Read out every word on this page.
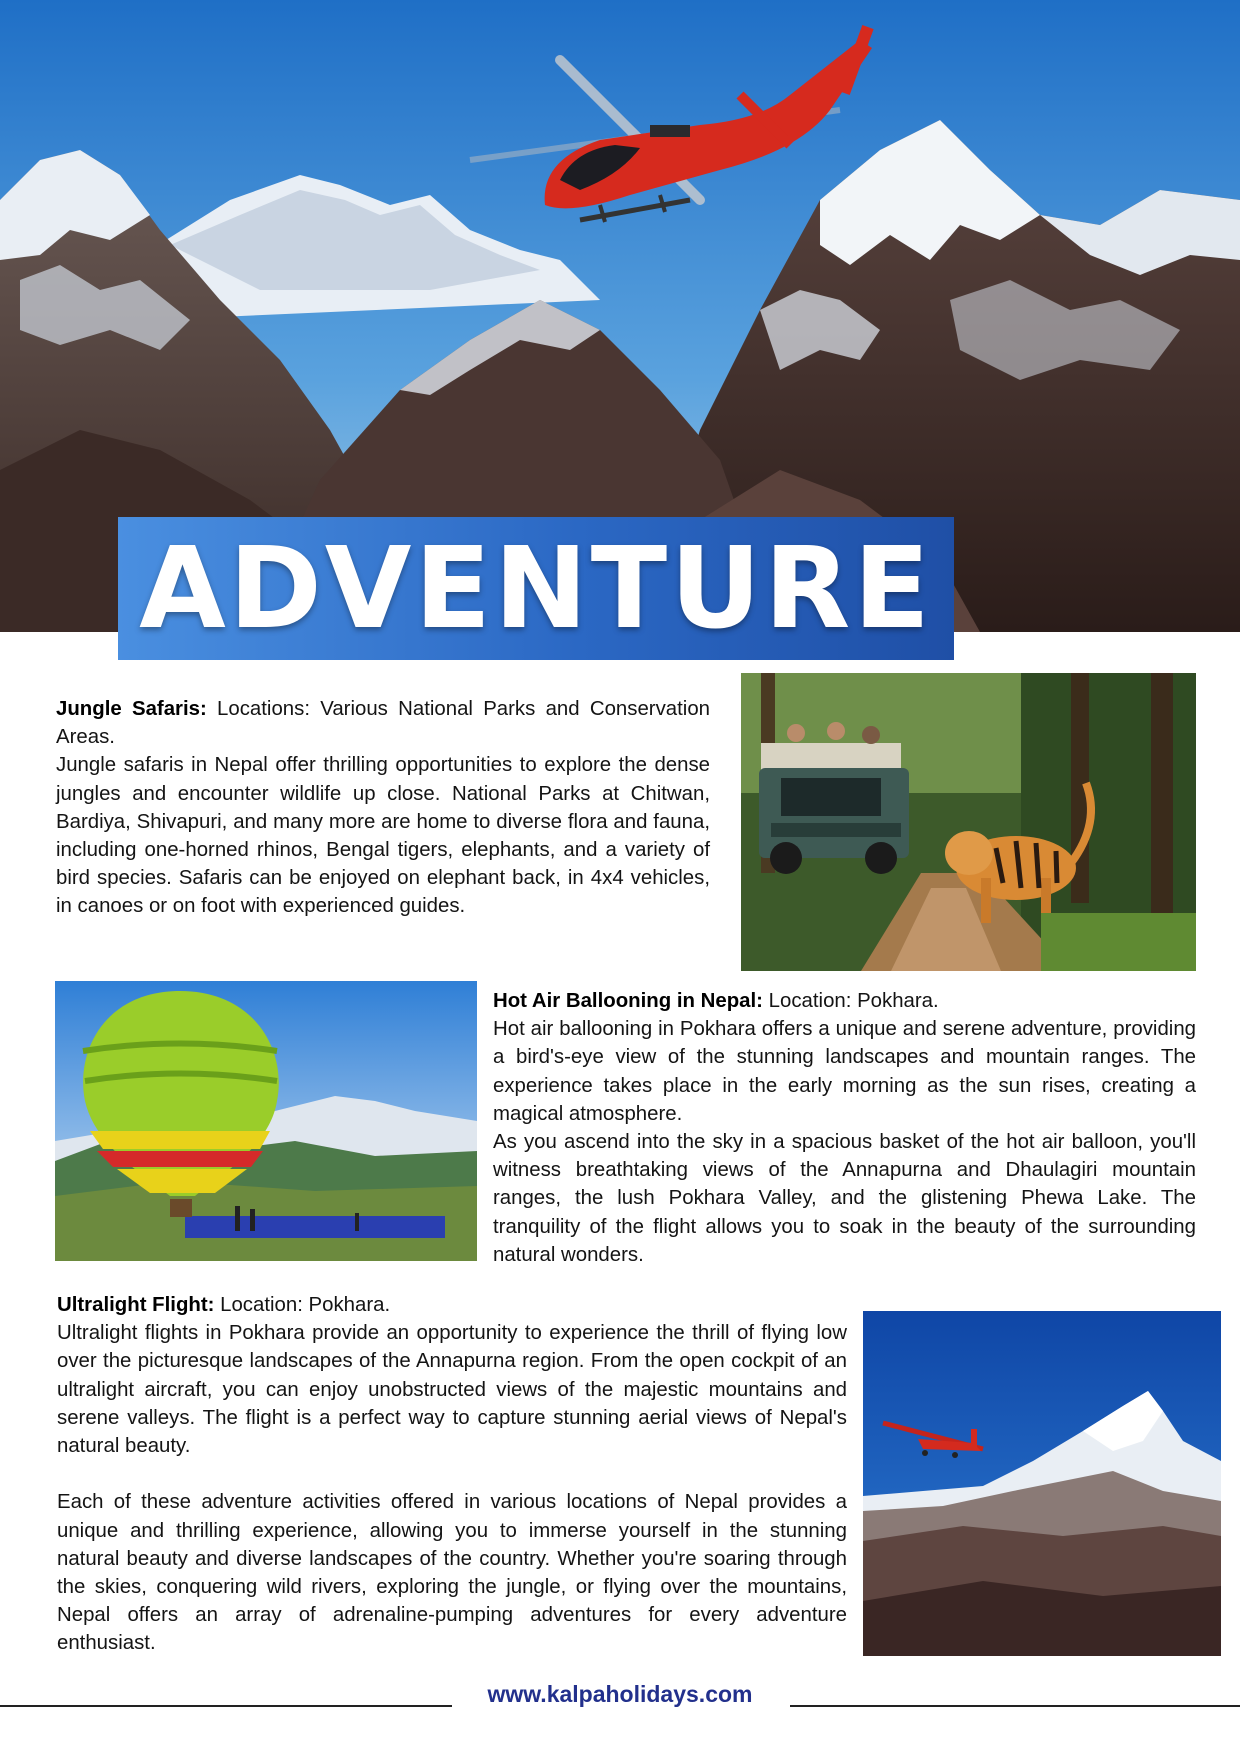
ADVENTURE

Jungle Safaris: Locations: Various National Parks and Conservation Areas.

Jungle safaris in Nepal offer thrilling opportunities to explore the dense jungles and encounter wildlife up close. National Parks at Chitwan, Bardiya, Shivapuri, and many more are home to diverse flora and fauna, including one-horned rhinos, Bengal tigers, elephants, and a variety of bird species. Safaris can be enjoyed on elephant back, in 4x4 vehicles, in canoes or on foot with experienced guides.

Hot Air Ballooning in Nepal: Location: Pokhara.

Hot air ballooning in Pokhara offers a unique and serene adventure, providing a bird's-eye view of the stunning landscapes and mountain ranges. The experience takes place in the early morning as the sun rises, creating a magical atmosphere.

As you ascend into the sky in a spacious basket of the hot air balloon, you'll witness breathtaking views of the Annapurna and Dhaulagiri mountain ranges, the lush Pokhara Valley, and the glistening Phewa Lake. The tranquility of the flight allows you to soak in the beauty of the surrounding natural wonders.

Ultralight Flight: Location: Pokhara.

Ultralight flights in Pokhara provide an opportunity to experience the thrill of flying low over the picturesque landscapes of the Annapurna region. From the open cockpit of an ultralight aircraft, you can enjoy unobstructed views of the majestic mountains and serene valleys. The flight is a perfect way to capture stunning aerial views of Nepal's natural beauty.

Each of these adventure activities offered in various locations of Nepal provides a unique and thrilling experience, allowing you to immerse yourself in the stunning natural beauty and diverse landscapes of the country. Whether you're soaring through the skies, conquering wild rivers, exploring the jungle, or flying over the mountains, Nepal offers an array of adrenaline-pumping adventures for every adventure enthusiast.

www.kalpaholidays.com
